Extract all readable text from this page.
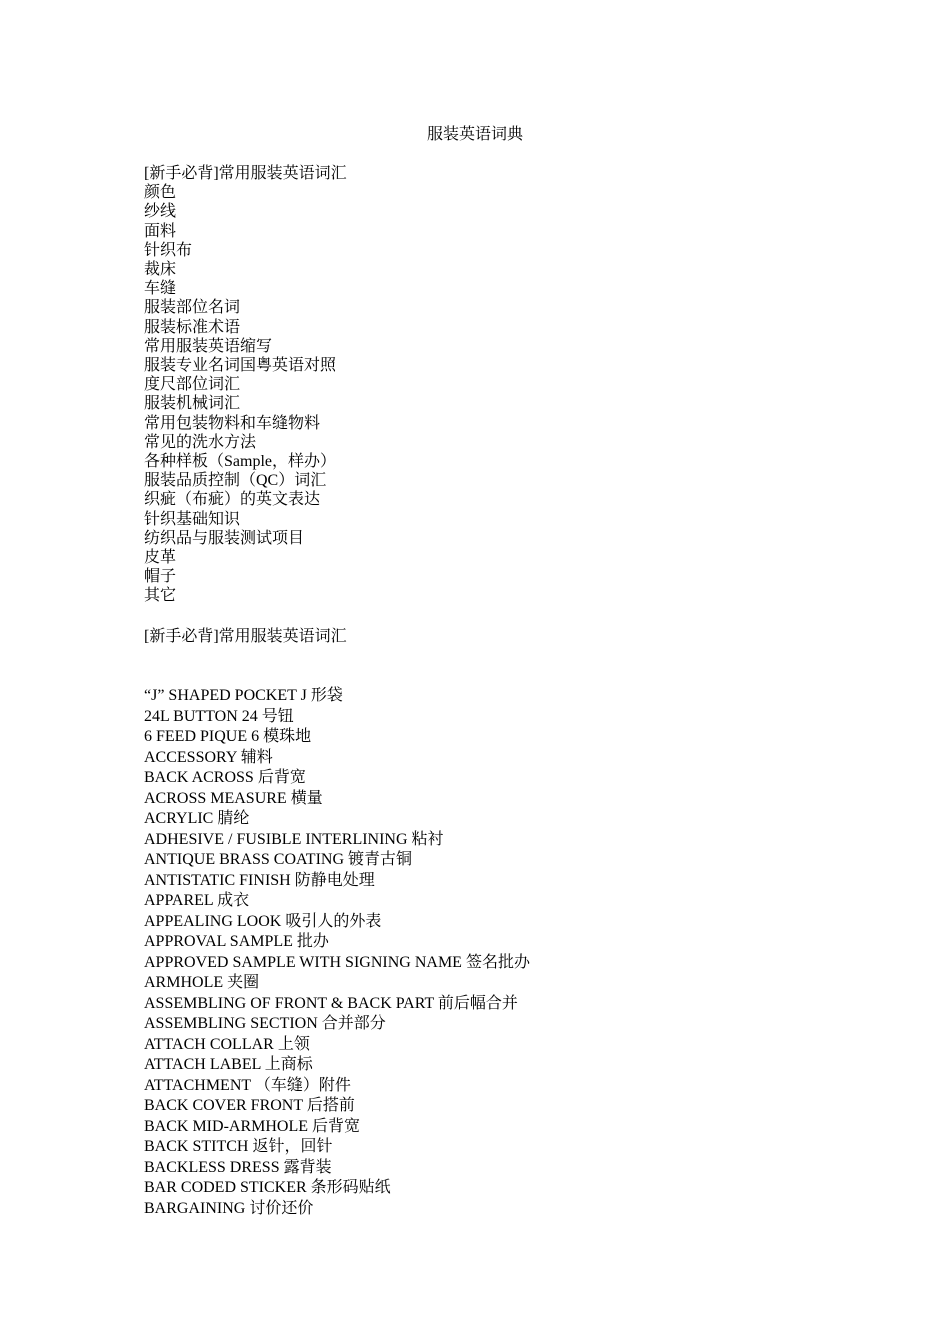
服装英语词典
[新手必背]常用服装英语词汇
颜色
纱线
面料
针织布
裁床
车缝
服装部位名词
服装标准术语
常用服装英语缩写
服装专业名词国粤英语对照
度尺部位词汇
服装机械词汇
常用包装物料和车缝物料
常见的洗水方法
各种样板（Sample，样办）
服装品质控制（QC）词汇
织疵（布疵）的英文表达
针织基础知识
纺织品与服装测试项目
皮革
帽子
其它
[新手必背]常用服装英语词汇
“J” SHAPED POCKET J 形袋
24L BUTTON 24 号钮
6 FEED PIQUE 6 模珠地
ACCESSORY 辅料
BACK ACROSS 后背宽
ACROSS MEASURE 横量
ACRYLIC 腈纶
ADHESIVE / FUSIBLE INTERLINING 粘衬
ANTIQUE BRASS COATING 镀青古铜
ANTISTATIC FINISH 防静电处理
APPAREL 成衣
APPEALING LOOK 吸引人的外表
APPROVAL SAMPLE 批办
APPROVED SAMPLE WITH SIGNING NAME 签名批办
ARMHOLE 夹圈
ASSEMBLING OF FRONT & BACK PART 前后幅合并
ASSEMBLING SECTION 合并部分
ATTACH COLLAR 上领
ATTACH LABEL 上商标
ATTACHMENT （车缝）附件
BACK COVER FRONT 后搭前
BACK MID-ARMHOLE 后背宽
BACK STITCH 返针，回针
BACKLESS DRESS 露背装
BAR CODED STICKER 条形码贴纸
BARGAINING 讨价还价
